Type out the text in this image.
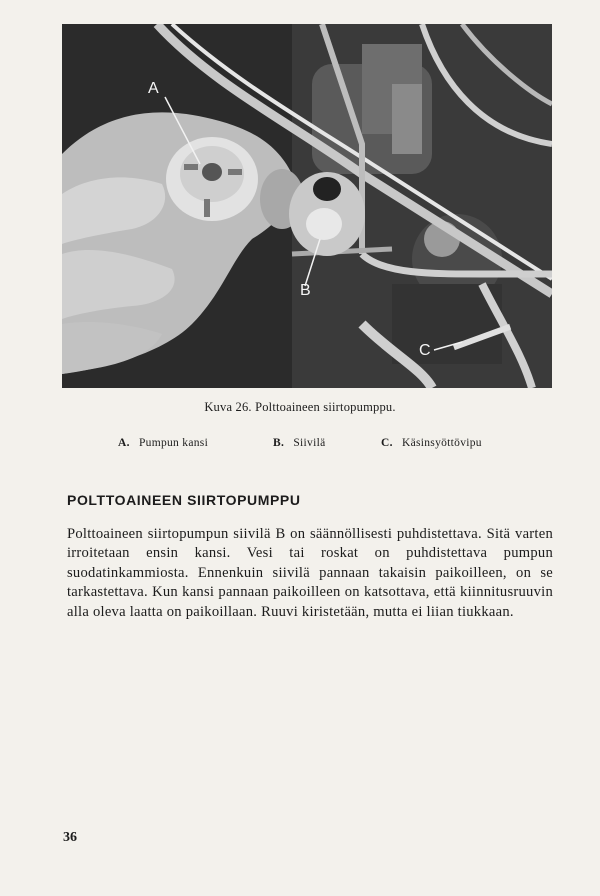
A
B
C
Kuva 26. Polttoaineen siirtopumppu.
A. Pumpun kansi	B. Siivilä	C. Käsinsyöttövipu
POLTTOAINEEN SIIRTOPUMPPU

Polttoaineen siirtopumpun siivilä B on säännöllisesti puhdistettava. Sitä varten irroitetaan ensin kansi. Vesi tai roskat on puhdistettava pumpun suodatinkammiosta. Ennenkuin siivilä pannaan takaisin paikoilleen, on se tarkastettava. Kun kansi pannaan paikoilleen on katsottava, että kiinnitusruuvin alla oleva laatta on paikoillaan. Ruuvi kiristetään, mutta ei liian tiukkaan.

36
